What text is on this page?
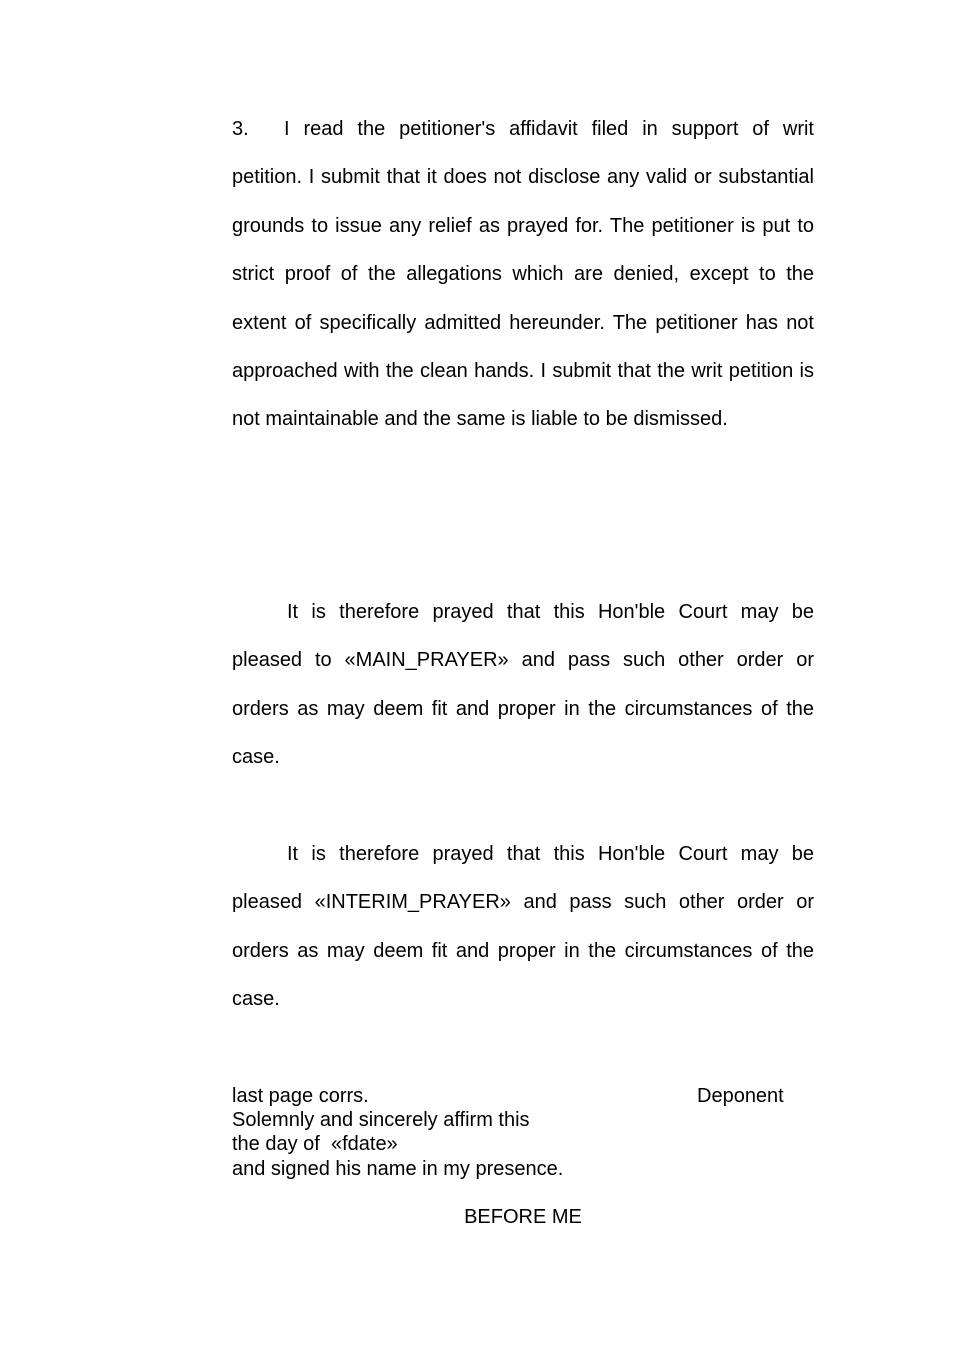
3. I read the petitioner's affidavit filed in support of writ petition. I submit that it does not disclose any valid or substantial grounds to issue any relief as prayed for. The petitioner is put to strict proof of the allegations which are denied, except to the extent of specifically admitted hereunder. The petitioner has not approached with the clean hands. I submit that the writ petition is not maintainable and the same is liable to be dismissed.

It is therefore prayed that this Hon'ble Court may be pleased to «MAIN_PRAYER» and pass such other order or orders as may deem fit and proper in the circumstances of the case.

It is therefore prayed that this Hon'ble Court may be pleased «INTERIM_PRAYER» and pass such other order or orders as may deem fit and proper in the circumstances of the case.

last page corrs.
Solemnly and sincerely affirm this
the day of  «fdate»
and signed his name in my presence.
Deponent
BEFORE ME
